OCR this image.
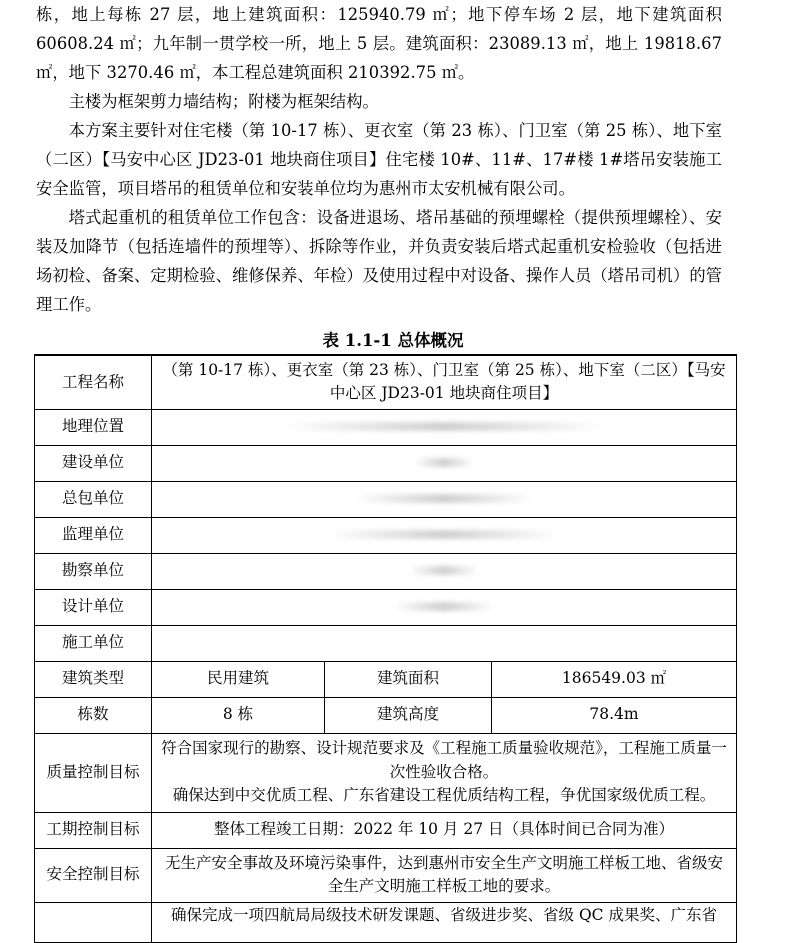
栋，地上每栋 27 层，地上建筑面积：125940.79 ㎡；地下停车场 2 层，地下建筑面积 60608.24 ㎡；九年制一贯学校一所，地上 5 层。建筑面积：23089.13 ㎡，地上 19818.67 ㎡，地下 3270.46 ㎡，本工程总建筑面积 210392.75 ㎡。

主楼为框架剪力墙结构；附楼为框架结构。

本方案主要针对住宅楼（第 10-17 栋）、更衣室（第 23 栋）、门卫室（第 25 栋）、地下室（二区）【马安中心区 JD23-01 地块商住项目】住宅楼 10#、11#、17#楼 1#塔吊安装施工安全监管，项目塔吊的租赁单位和安装单位均为惠州市太安机械有限公司。

塔式起重机的租赁单位工作包含：设备进退场、塔吊基础的预埋螺栓（提供预埋螺栓）、安装及加降节（包括连墙件的预埋等）、拆除等作业，并负责安装后塔式起重机安检验收（包括进场初检、备案、定期检验、维修保养、年检）及使用过程中对设备、操作人员（塔吊司机）的管理工作。

表 1.1-1 总体概况
工程名称	（第 10-17 栋）、更衣室（第 23 栋）、门卫室（第 25 栋）、地下室（二区）【马安中心区 JD23-01 地块商住项目】		
地理位置			
建设单位			
总包单位			
监理单位			
勘察单位			
设计单位			
施工单位			
建筑类型	民用建筑	建筑面积	186549.03 ㎡
栋数	8 栋	建筑高度	78.4m
质量控制目标	符合国家现行的勘察、设计规范要求及《工程施工质量验收规范》，工程施工质量一次性验收合格。
确保达到中交优质工程、广东省建设工程优质结构工程，争优国家级优质工程。		

工期控制目标	整体工程竣工日期：2022 年 10 月 27 日（具体时间已合同为准）		
安全控制目标	无生产安全事故及环境污染事件，达到惠州市安全生产文明施工样板工地、省级安全生产文明施工样板工地的要求。		
	确保完成一项四航局局级技术研发课题、省级进步奖、省级 QC 成果奖、广东省		
